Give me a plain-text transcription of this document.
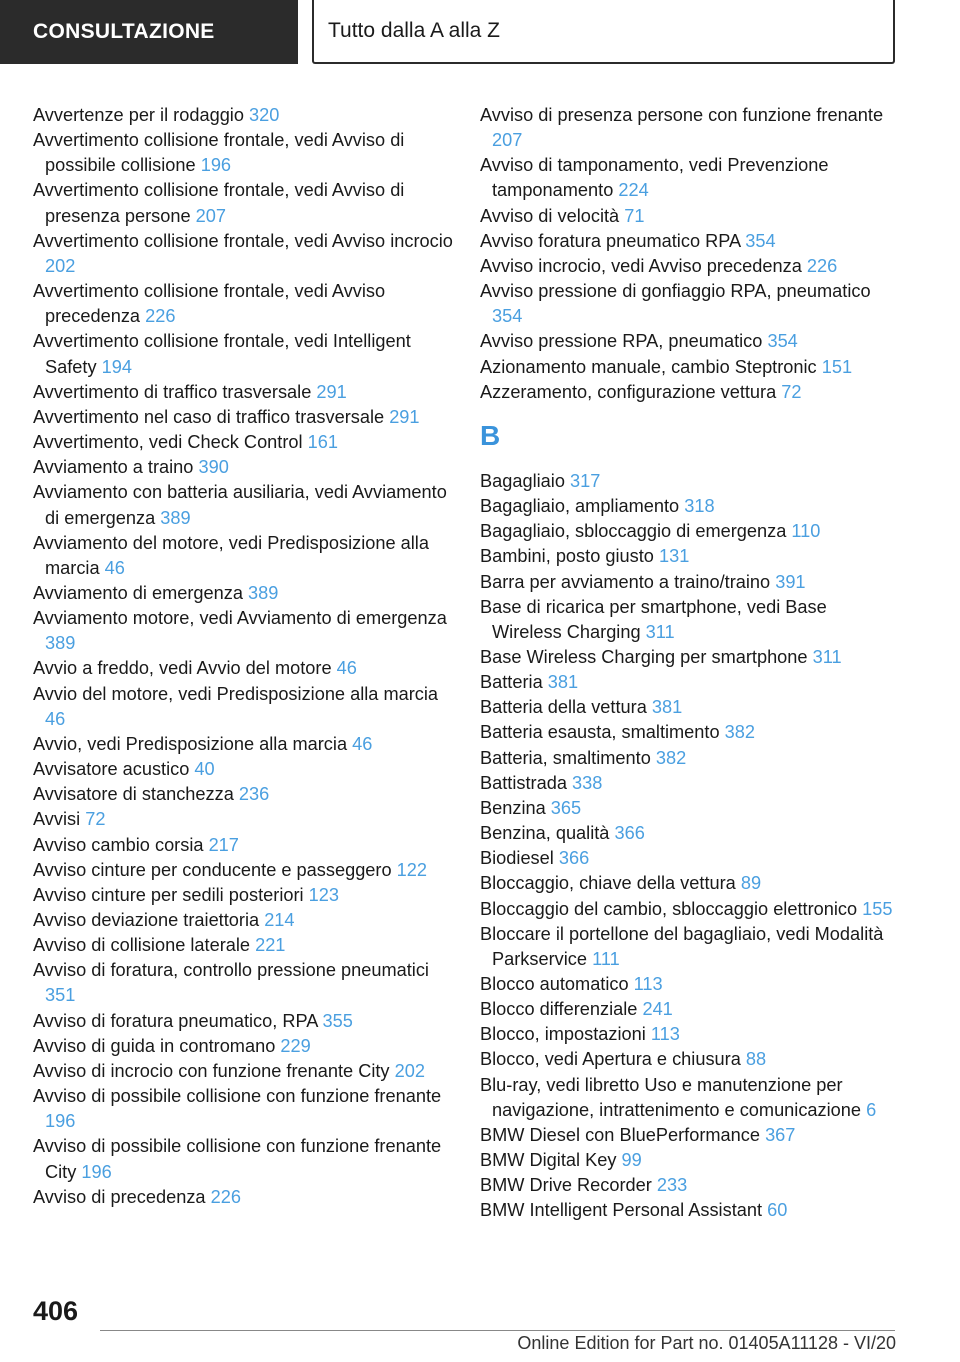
CONSULTAZIONE	Tutto dalla A alla Z
Avvertenze per il rodaggio 320
Avvertimento collisione frontale, vedi Avviso di possibile collisione 196
Avvertimento collisione frontale, vedi Avviso di presenza persone 207
Avvertimento collisione frontale, vedi Avviso incrocio 202
Avvertimento collisione frontale, vedi Avviso precedenza 226
Avvertimento collisione frontale, vedi Intelligent Safety 194
Avvertimento di traffico trasversale 291
Avvertimento nel caso di traffico trasversale 291
Avvertimento, vedi Check Control 161
Avviamento a traino 390
Avviamento con batteria ausiliaria, vedi Avviamento di emergenza 389
Avviamento del motore, vedi Predisposizione alla marcia 46
Avviamento di emergenza 389
Avviamento motore, vedi Avviamento di emergenza 389
Avvio a freddo, vedi Avvio del motore 46
Avvio del motore, vedi Predisposizione alla marcia 46
Avvio, vedi Predisposizione alla marcia 46
Avvisatore acustico 40
Avvisatore di stanchezza 236
Avvisi 72
Avviso cambio corsia 217
Avviso cinture per conducente e passeggero 122
Avviso cinture per sedili posteriori 123
Avviso deviazione traiettoria 214
Avviso di collisione laterale 221
Avviso di foratura, controllo pressione pneumatici 351
Avviso di foratura pneumatico, RPA 355
Avviso di guida in contromano 229
Avviso di incrocio con funzione frenante City 202
Avviso di possibile collisione con funzione frenante 196
Avviso di possibile collisione con funzione frenante City 196
Avviso di precedenza 226
Avviso di presenza persone con funzione frenante 207
Avviso di tamponamento, vedi Prevenzione tamponamento 224
Avviso di velocità 71
Avviso foratura pneumatico RPA 354
Avviso incrocio, vedi Avviso precedenza 226
Avviso pressione di gonfiaggio RPA, pneumatico 354
Avviso pressione RPA, pneumatico 354
Azionamento manuale, cambio Steptronic 151
Azzeramento, configurazione vettura 72
B
Bagagliaio 317
Bagagliaio, ampliamento 318
Bagagliaio, sbloccaggio di emergenza 110
Bambini, posto giusto 131
Barra per avviamento a traino/traino 391
Base di ricarica per smartphone, vedi Base Wireless Charging 311
Base Wireless Charging per smartphone 311
Batteria 381
Batteria della vettura 381
Batteria esausta, smaltimento 382
Batteria, smaltimento 382
Battistrada 338
Benzina 365
Benzina, qualità 366
Biodiesel 366
Bloccaggio, chiave della vettura 89
Bloccaggio del cambio, sbloccaggio elettronico 155
Bloccare il portellone del bagagliaio, vedi Modalità Parkservice 111
Blocco automatico 113
Blocco differenziale 241
Blocco, impostazioni 113
Blocco, vedi Apertura e chiusura 88
Blu-ray, vedi libretto Uso e manutenzione per navigazione, intrattenimento e comunicazione 6
BMW Diesel con BluePerformance 367
BMW Digital Key 99
BMW Drive Recorder 233
BMW Intelligent Personal Assistant 60
406
Online Edition for Part no. 01405A11128 - VI/20
